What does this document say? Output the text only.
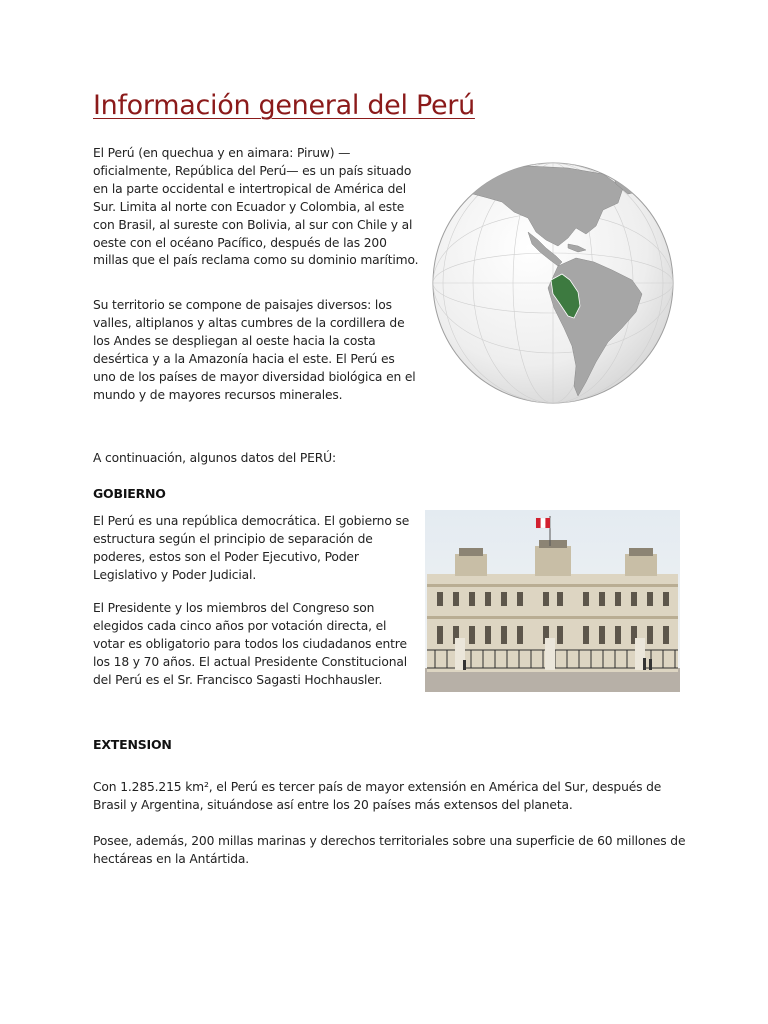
Información general del Perú

El Perú (en quechua y en aimara: Piruw) —oficialmente, República del Perú— es un país situado en la parte occidental e intertropical de América del Sur. Limita al norte con Ecuador y Colombia, al este con Brasil, al sureste con Bolivia, al sur con Chile y al oeste con el océano Pacífico, después de las 200 millas que el país reclama como su dominio marítimo.

Su territorio se compone de paisajes diversos: los valles, altiplanos y altas cumbres de la cordillera de los Andes se despliegan al oeste hacia la costa desértica y a la Amazonía hacia el este. El Perú es uno de los países de mayor diversidad biológica en el mundo y de mayores recursos minerales.

A continuación, algunos datos del PERÚ:

GOBIERNO

El Perú es una república democrática. El gobierno se estructura según el principio de separación de poderes, estos son el Poder Ejecutivo, Poder Legislativo y Poder Judicial.

El Presidente y los miembros del Congreso son elegidos cada cinco años por votación directa, el votar es obligatorio para todos los ciudadanos entre los 18 y 70 años. El actual Presidente Constitucional del Perú es el Sr. Francisco Sagasti Hochhausler.

EXTENSION

Con 1.285.215 km², el Perú es tercer país de mayor extensión en América del Sur, después de Brasil y Argentina, situándose así entre los 20 países más extensos del planeta.

Posee, además, 200 millas marinas y derechos territoriales sobre una superficie de 60 millones de hectáreas en la Antártida.
